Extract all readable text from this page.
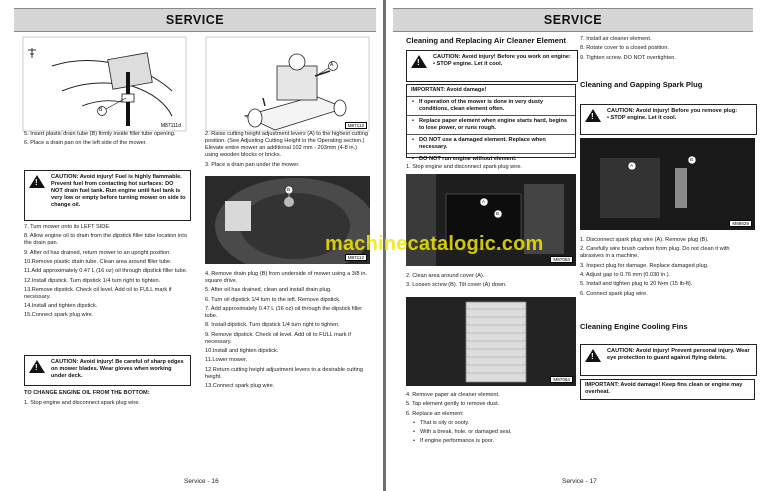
SERVICE
B
M87111d
A
M87113

5. Insert plastic drain tube (B) firmly inside filler tube opening.

6. Place a drain pan on the left side of the mower.

!
CAUTION: Avoid injury! Fuel is highly flammable. Prevent fuel from contacting hot surfaces: DO NOT drain fuel tank. Run engine until fuel tank is very low or empty before turning mower on side to change oil.

7. Turn mower onto its LEFT SIDE.

8. Allow engine oil to drain from the dipstick filler tube location into the drain pan.

9. After oil has drained, return mower to an upright position.

10.Remove plastic drain tube. Clean area around filler tube.

11.Add approximately 0.47 L (16 oz) oil through dipstick filler tube.

12.Install dipstick. Turn dipstick 1/4 turn right to tighten.

13.Remove dipstick. Check oil level. Add oil to FULL mark if necessary.

14.Install and tighten dipstick.

15.Connect spark plug wire.

!
CAUTION: Avoid injury! Be careful of sharp edges on mower blades. Wear gloves when working under deck.
TO CHANGE ENGINE OIL FROM THE BOTTOM:
1. Stop engine and disconnect spark plug wire.

2. Raise cutting height adjustment levers (A) to the highest cutting position. (See Adjusting Cutting Height in the Operating section.) Elevate entire mower an additional 102 mm - 203mm (4-8 in.) using wooden blocks or bricks.

3. Place a drain pan under the mower.

B
M87112

4. Remove drain plug (B) from underside of mower using a 3/8 in. square drive.

5. After oil has drained, clean and install drain plug.

6. Turn oil dipstick 1/4 turn to the left. Remove dipstick.

7. Add approximately 0.47 L (16 oz) oil through the dipstick filler tube.

8. Install dipstick. Turn dipstick 1/4 turn right to tighten.

9. Remove dipstick. Check oil level. Add oil to FULL mark if necessary.

10.Install and tighten dipstick.

11.Lower mower.

12.Return cutting height adjustment levers to a desirable cutting height.

13.Connect spark plug wire.

Service - 16
SERVICE
Cleaning and Replacing Air Cleaner Element
!
CAUTION: Avoid injury! Before you work on engine:
• STOP engine. Let it cool.
IMPORTANT: Avoid damage!
• If operation of the mower is done in very dusty conditions, clean element often.
• Replace paper element when engine starts hard, begins to lose power, or runs rough.
• DO NOT use a damaged element. Replace when necessary.
• DO NOT run engine without element.
1. Stop engine and disconnect spark plug wire.
A
B
M87063

2. Clean area around cover (A).

3. Loosen screw (B). Tilt cover (A) down.

M87064

4. Remove paper air cleaner element.

5. Tap element gently to remove dust.

6. Replace an element:

• That is oily or sooty.

• With a break, hole, or damaged seal.

• If engine performance is poor.

7. Install air cleaner element.

8. Rotate cover to a closed position.

9. Tighten screw. DO NOT overtighten.

Cleaning and Gapping Spark Plug
!
CAUTION: Avoid injury! Before you remove plug:
• STOP engine. Let it cool.
A
B
M88629

1. Disconnect spark plug wire (A). Remove plug (B).

2. Carefully wire brush carbon from plug. Do not clean it with abrasives in a machine.

3. Inspect plug for damage. Replace damaged plug.

4. Adjust gap to 0.76 mm (0.030 in.).

5. Install and tighten plug to 20 N•m (15 lb-ft).

6. Connect spark plug wire.

Cleaning Engine Cooling Fins
!
CAUTION: Avoid injury! Prevent personal injury. Wear eye protection to guard against flying debris.
IMPORTANT: Avoid damage! Keep fins clean or engine may overheat.
Service - 17
machinecatalogic.com
